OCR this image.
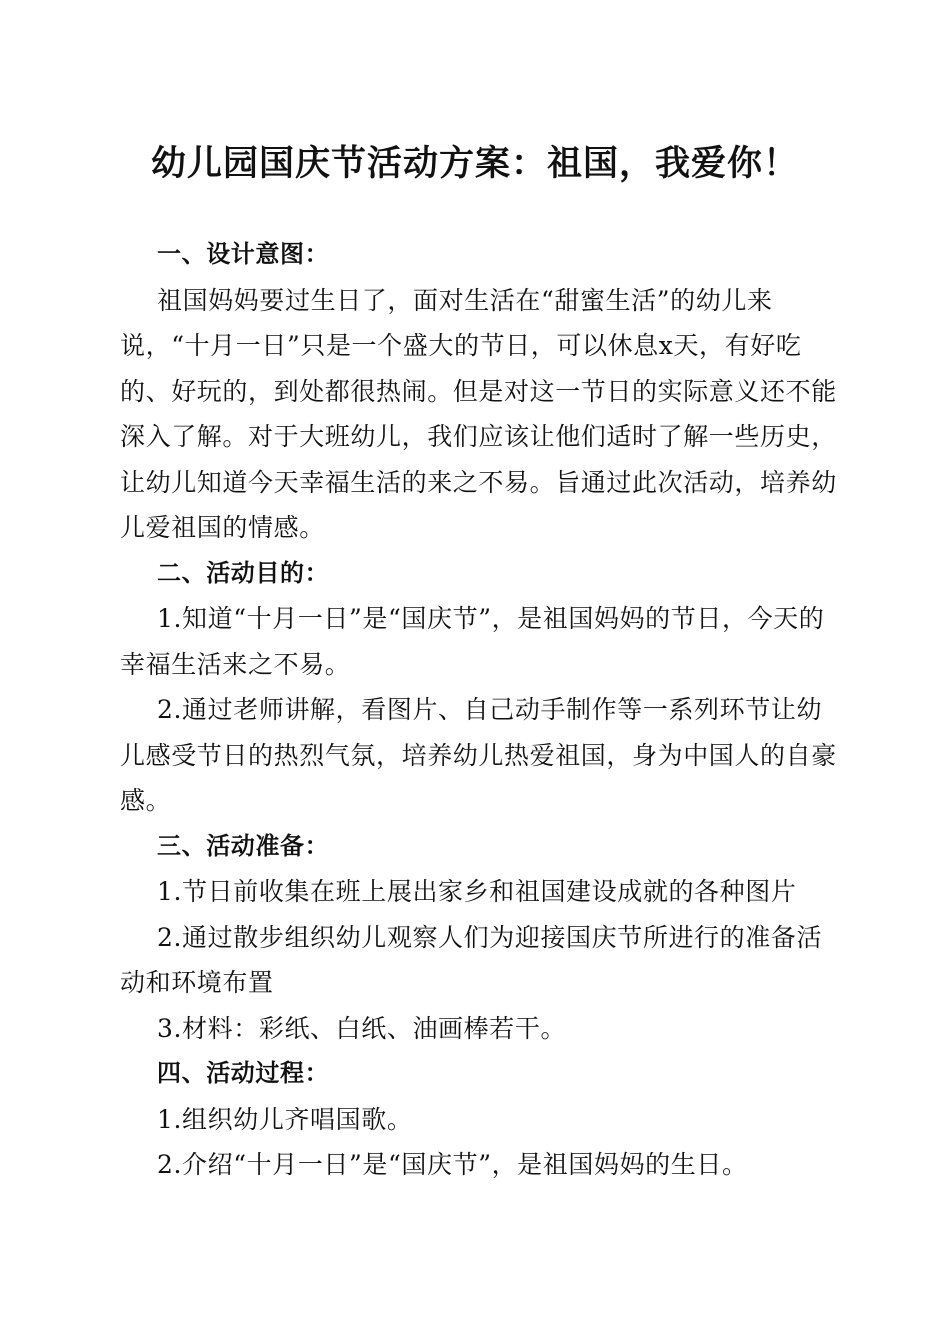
幼儿园国庆节活动方案：祖国，我爱你！

一、设计意图：

祖国妈妈要过生日了，面对生活在“甜蜜生活”的幼儿来说，“十月一日”只是一个盛大的节日，可以休息x天，有好吃的、好玩的，到处都很热闹。但是对这一节日的实际意义还不能深入了解。对于大班幼儿，我们应该让他们适时了解一些历史，让幼儿知道今天幸福生活的来之不易。旨通过此次活动，培养幼儿爱祖国的情感。

二、活动目的：

1.知道“十月一日”是“国庆节”，是祖国妈妈的节日，今天的幸福生活来之不易。

2.通过老师讲解，看图片、自己动手制作等一系列环节让幼儿感受节日的热烈气氛，培养幼儿热爱祖国，身为中国人的自豪感。

三、活动准备：

1.节日前收集在班上展出家乡和祖国建设成就的各种图片

2.通过散步组织幼儿观察人们为迎接国庆节所进行的准备活动和环境布置

3.材料：彩纸、白纸、油画棒若干。

四、活动过程：

1.组织幼儿齐唱国歌。

2.介绍“十月一日”是“国庆节”，是祖国妈妈的生日。
